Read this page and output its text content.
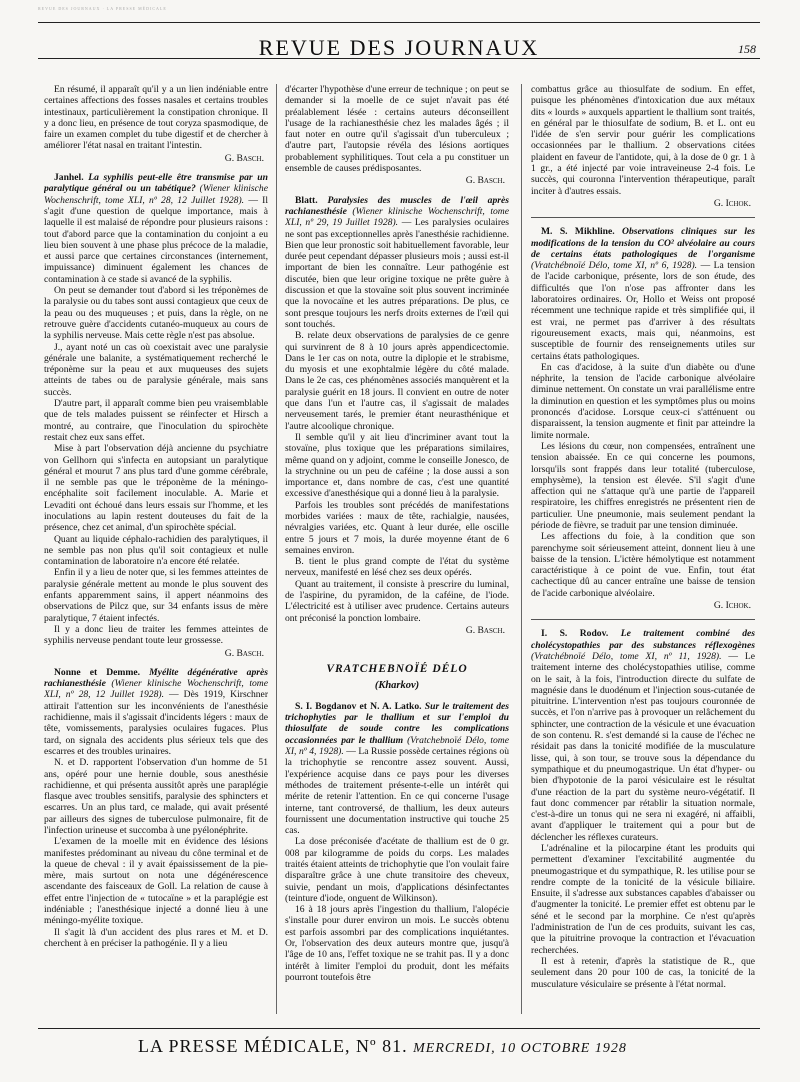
REVUE DES JOURNAUX · LA PRESSE MÉDICALE
REVUE DES JOURNAUX	158

En résumé, il apparaît qu'il y a un lien indéniable entre certaines affections des fosses nasales et certains troubles intestinaux, particulièrement la constipation chronique. Il y a donc lieu, en présence de tout coryza spasmodique, de faire un examen complet du tube digestif et de chercher à améliorer l'état nasal en traitant l'intestin.

G. Basch.

Janhel. La syphilis peut-elle être transmise par un paralytique général ou un tabétique? (Wiener klinische Wochenschrift, tome XLI, nº 28, 12 Juillet 1928). — Il s'agit d'une question de quelque importance, mais à laquelle il est malaisé de répondre pour plusieurs raisons : tout d'abord parce que la contamination du conjoint a eu lieu bien souvent à une phase plus précoce de la maladie, et aussi parce que certaines circonstances (internement, impuissance) diminuent également les chances de contamination à ce stade si avancé de la syphilis.

On peut se demander tout d'abord si les tréponèmes de la paralysie ou du tabes sont aussi contagieux que ceux de la peau ou des muqueuses ; et puis, dans la règle, on ne retrouve guère d'accidents cutanéo-muqueux au cours de la syphilis nerveuse. Mais cette règle n'est pas absolue.

J., ayant noté un cas où coexistait avec une paralysie générale une balanite, a systématiquement recherché le tréponème sur la peau et aux muqueuses des sujets atteints de tabes ou de paralysie générale, mais sans succès.

D'autre part, il apparaît comme bien peu vraisemblable que de tels malades puissent se réinfecter et Hirsch a montré, au contraire, que l'inoculation du spirochète restait chez eux sans effet.

Mise à part l'observation déjà ancienne du psychiatre von Gellhorn qui s'infecta en autopsiant un paralytique général et mourut 7 ans plus tard d'une gomme cérébrale, il ne semble pas que le tréponème de la méningo-encéphalite soit facilement inoculable. A. Marie et Levaditi ont échoué dans leurs essais sur l'homme, et les inoculations au lapin restent douteuses du fait de la présence, chez cet animal, d'un spirochète spécial.

Quant au liquide céphalo-rachidien des paralytiques, il ne semble pas non plus qu'il soit contagieux et nulle contamination de laboratoire n'a encore été relatée.

Enfin il y a lieu de noter que, si les femmes atteintes de paralysie générale mettent au monde le plus souvent des enfants apparemment sains, il appert néanmoins des observations de Pilcz que, sur 34 enfants issus de mère paralytique, 7 étaient infectés.

Il y a donc lieu de traiter les femmes atteintes de syphilis nerveuse pendant toute leur grossesse.

G. Basch.

Nonne et Demme. Myélite dégénérative après rachianesthésie (Wiener klinische Wochenschrift, tome XLI, nº 28, 12 Juillet 1928). — Dès 1919, Kirschner attirait l'attention sur les inconvénients de l'anesthésie rachidienne, mais il s'agissait d'incidents légers : maux de tête, vomissements, paralysies oculaires fugaces. Plus tard, on signala des accidents plus sérieux tels que des escarres et des troubles urinaires.

N. et D. rapportent l'observation d'un homme de 51 ans, opéré pour une hernie double, sous anesthésie rachidienne, et qui présenta aussitôt après une paraplégie flasque avec troubles sensitifs, paralysie des sphincters et escarres. Un an plus tard, ce malade, qui avait présenté par ailleurs des signes de tuberculose pulmonaire, fit de l'infection urineuse et succomba à une pyélonéphrite.

L'examen de la moelle mit en évidence des lésions manifestes prédominant au niveau du cône terminal et de la queue de cheval : il y avait épaississement de la pie-mère, mais surtout on nota une dégénérescence ascendante des faisceaux de Goll. La relation de cause à effet entre l'injection de « tutocaïne » et la paraplégie est indéniable ; l'anesthésique injecté a donné lieu à une méningo-myélite toxique.

Il s'agit là d'un accident des plus rares et M. et D. cherchent à en préciser la pathogénie. Il y a lieu

d'écarter l'hypothèse d'une erreur de technique ; on peut se demander si la moelle de ce sujet n'avait pas été préalablement lésée : certains auteurs déconseillent l'usage de la rachianesthésie chez les malades âgés ; il faut noter en outre qu'il s'agissait d'un tuberculeux ; d'autre part, l'autopsie révéla des lésions aortiques probablement syphilitiques. Tout cela a pu constituer un ensemble de causes prédisposantes.

G. Basch.

Blatt. Paralysies des muscles de l'œil après rachianesthésie (Wiener klinische Wochenschrift, tome XLI, nº 29, 19 Juillet 1928). — Les paralysies oculaires ne sont pas exceptionnelles après l'anesthésie rachidienne. Bien que leur pronostic soit habituellement favorable, leur durée peut cependant dépasser plusieurs mois ; aussi est-il important de bien les connaître. Leur pathogénie est discutée, bien que leur origine toxique ne prête guère à discussion et que la stovaïne soit plus souvent incriminée que la novocaïne et les autres préparations. De plus, ce sont presque toujours les nerfs droits externes de l'œil qui sont touchés.

B. relate deux observations de paralysies de ce genre qui survinrent de 8 à 10 jours après appendicectomie. Dans le 1er cas on nota, outre la diplopie et le strabisme, du myosis et une exophtalmie légère du côté malade. Dans le 2e cas, ces phénomènes associés manquèrent et la paralysie guérit en 18 jours. Il convient en outre de noter que dans l'un et l'autre cas, il s'agissait de malades nerveusement tarés, le premier étant neurasthénique et l'autre alcoolique chronique.

Il semble qu'il y ait lieu d'incriminer avant tout la stovaïne, plus toxique que les préparations similaires, même quand on y adjoint, comme le conseille Jonesco, de la strychnine ou un peu de caféine ; la dose aussi a son importance et, dans nombre de cas, c'est une quantité excessive d'anesthésique qui a donné lieu à la paralysie.

Parfois les troubles sont précédés de manifestations morbides variées : maux de tête, rachialgie, nausées, névralgies variées, etc. Quant à leur durée, elle oscille entre 5 jours et 7 mois, la durée moyenne étant de 6 semaines environ.

B. tient le plus grand compte de l'état du système nerveux, manifesté en lésé chez ses deux opérés.

Quant au traitement, il consiste à prescrire du luminal, de l'aspirine, du pyramidon, de la caféine, de l'iode. L'électricité est à utiliser avec prudence. Certains auteurs ont préconisé la ponction lombaire.

G. Basch.
VRATCHEBNOÏÉ DÉLO
(Kharkov)

S. I. Bogdanov et N. A. Latko. Sur le traitement des trichophyties par le thallium et sur l'emploi du thiosulfate de soude contre les complications occasionnées par le thallium (Vratchebnoïé Délo, tome XI, nº 4, 1928). — La Russie possède certaines régions où la trichophytie se rencontre assez souvent. Aussi, l'expérience acquise dans ce pays pour les diverses méthodes de traitement présente-t-elle un intérêt qui mérite de retenir l'attention. En ce qui concerne l'usage interne, tant controversé, de thallium, les deux auteurs fournissent une documentation instructive qui touche 25 cas.

La dose préconisée d'acétate de thallium est de 0 gr. 008 par kilogramme de poids du corps. Les malades traités étaient atteints de trichophytie que l'on voulait faire disparaître grâce à une chute transitoire des cheveux, suivie, pendant un mois, d'applications désinfectantes (teinture d'iode, onguent de Wilkinson).

16 à 18 jours après l'ingestion du thallium, l'alopécie s'installe pour durer environ un mois. Le succès obtenu est parfois assombri par des complications inquiétantes. Or, l'observation des deux auteurs montre que, jusqu'à l'âge de 10 ans, l'effet toxique ne se trahit pas. Il y a donc intérêt à limiter l'emploi du produit, dont les méfaits pourront toutefois être

combattus grâce au thiosulfate de sodium. En effet, puisque les phénomènes d'intoxication due aux métaux dits « lourds » auxquels appartient le thallium sont traités, en général par le thiosulfate de sodium, B. et L. ont eu l'idée de s'en servir pour guérir les complications occasionnées par le thallium. 2 observations citées plaident en faveur de l'antidote, qui, à la dose de 0 gr. 1 à 1 gr., a été injecté par voie intraveineuse 2-4 fois. Le succès, qui couronna l'intervention thérapeutique, paraît inciter à d'autres essais.

G. Ichok.

M. S. Mikhline. Observations cliniques sur les modifications de la tension du CO² alvéolaire au cours de certains états pathologiques de l'organisme (Vratchébnoïé Délo, tome XI, nº 6, 1928). — La tension de l'acide carbonique, présente, lors de son étude, des difficultés que l'on n'ose pas affronter dans les laboratoires ordinaires. Or, Hollo et Weiss ont proposé récemment une technique rapide et très simplifiée qui, il est vrai, ne permet pas d'arriver à des résultats rigoureusement exacts, mais qui, néanmoins, est susceptible de fournir des renseignements utiles sur certains états pathologiques.

En cas d'acidose, à la suite d'un diabète ou d'une néphrite, la tension de l'acide carbonique alvéolaire diminue nettement. On constate un vrai parallélisme entre la diminution en question et les symptômes plus ou moins prononcés d'acidose. Lorsque ceux-ci s'atténuent ou disparaissent, la tension augmente et finit par atteindre la limite normale.

Les lésions du cœur, non compensées, entraînent une tension abaissée. En ce qui concerne les poumons, lorsqu'ils sont frappés dans leur totalité (tuberculose, emphysème), la tension est élevée. S'il s'agit d'une affection qui ne s'attaque qu'à une partie de l'appareil respiratoire, les chiffres enregistrés ne présentent rien de particulier. Une pneumonie, mais seulement pendant la période de fièvre, se traduit par une tension diminuée.

Les affections du foie, à la condition que son parenchyme soit sérieusement atteint, donnent lieu à une baisse de la tension. L'ictère hémolytique est notamment caractéristique à ce point de vue. Enfin, tout état cachectique dû au cancer entraîne une baisse de tension de l'acide carbonique alvéolaire.

G. Ichok.

I. S. Rodov. Le traitement combiné des cholécystopathies par des substances réflexogènes (Vratchébnoïé Délo, tome XI, nº 11, 1928). — Le traitement interne des cholécystopathies utilise, comme on le sait, à la fois, l'introduction directe du sulfate de magnésie dans le duodénum et l'injection sous-cutanée de pituitrine. L'intervention n'est pas toujours couronnée de succès, et l'on n'arrive pas à provoquer un relâchement du sphincter, une contraction de la vésicule et une évacuation de son contenu. R. s'est demandé si la cause de l'échec ne résidait pas dans la tonicité modifiée de la musculature lisse, qui, à son tour, se trouve sous la dépendance du sympathique et du pneumogastrique. Un état d'hyper- ou bien d'hypotonie de la paroi vésiculaire est le résultat d'une réaction de la part du système neuro-végétatif. Il faut donc commencer par rétablir la situation normale, c'est-à-dire un tonus qui ne sera ni exagéré, ni affaibli, avant d'appliquer le traitement qui a pour but de déclencher les réflexes curateurs.

L'adrénaline et la pilocarpine étant les produits qui permettent d'examiner l'excitabilité augmentée du pneumogastrique et du sympathique, R. les utilise pour se rendre compte de la tonicité de la vésicule biliaire. Ensuite, il s'adresse aux substances capables d'abaisser ou d'augmenter la tonicité. Le premier effet est obtenu par le séné et le second par la morphine. Ce n'est qu'après l'administration de l'un de ces produits, suivant les cas, que la pituitrine provoque la contraction et l'évacuation recherchées.

Il est à retenir, d'après la statistique de R., que seulement dans 20 pour 100 de cas, la tonicité de la musculature vésiculaire se présente à l'état normal.

LA PRESSE MÉDICALE, Nº 81. MERCREDI, 10 OCTOBRE 1928
